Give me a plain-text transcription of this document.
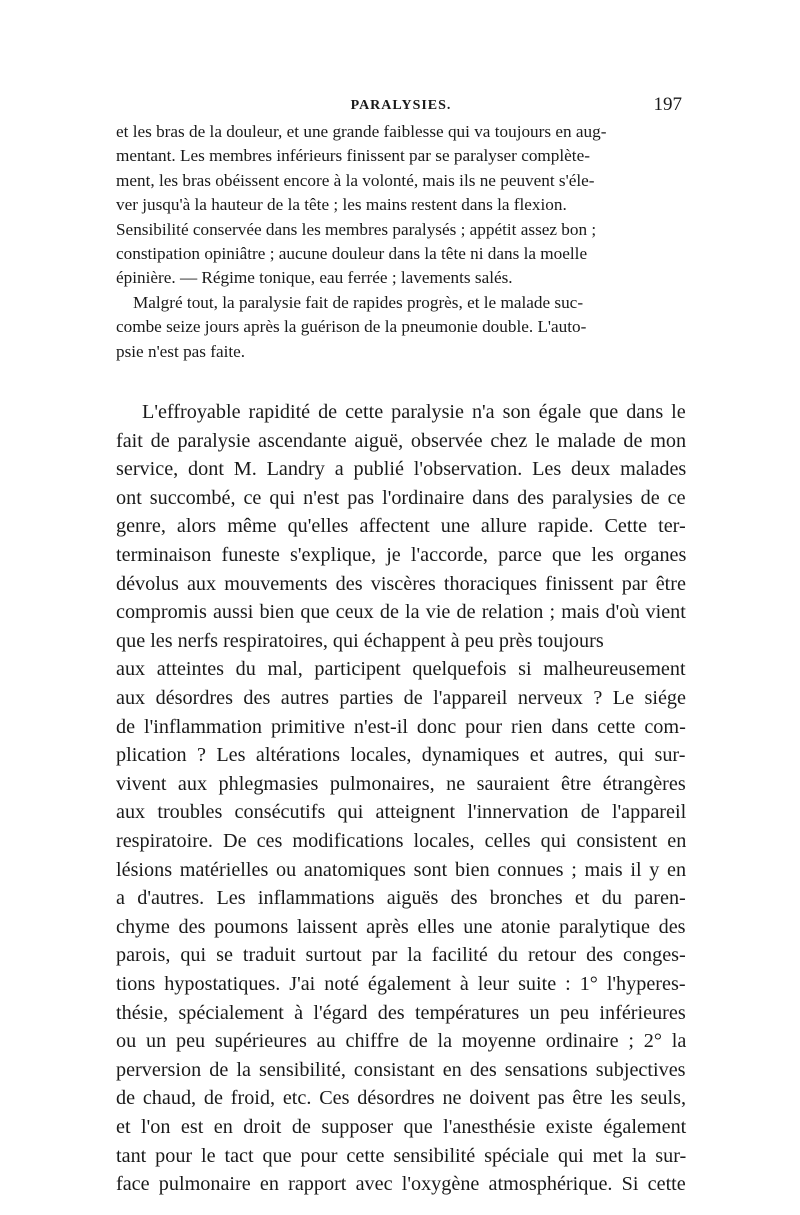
PARALYSIES.	197

et les bras de la douleur, et une grande faiblesse qui va toujours en aug-
mentant. Les membres inférieurs finissent par se paralyser complète-
ment, les bras obéissent encore à la volonté, mais ils ne peuvent s'éle-
ver jusqu'à la hauteur de la tête ; les mains restent dans la flexion.
Sensibilité conservée dans les membres paralysés ; appétit assez bon ;
constipation opiniâtre ; aucune douleur dans la tête ni dans la moelle
épinière. — Régime tonique, eau ferrée ; lavements salés.
Malgré tout, la paralysie fait de rapides progrès, et le malade suc-
combe seize jours après la guérison de la pneumonie double. L'auto-
psie n'est pas faite.

L'effroyable rapidité de cette paralysie n'a son égale que dans le
fait de paralysie ascendante aiguë, observée chez le malade de mon
service, dont M. Landry a publié l'observation. Les deux malades
ont succombé, ce qui n'est pas l'ordinaire dans des paralysies de ce
genre, alors même qu'elles affectent une allure rapide. Cette ter-
terminaison funeste s'explique, je l'accorde, parce que les organes
dévolus aux mouvements des viscères thoraciques finissent par être
compromis aussi bien que ceux de la vie de relation ; mais d'où vient
que les nerfs respiratoires, qui échappent à peu près toujours
aux atteintes du mal, participent quelquefois si malheureusement
aux désordres des autres parties de l'appareil nerveux ? Le siége
de l'inflammation primitive n'est-il donc pour rien dans cette com-
plication ? Les altérations locales, dynamiques et autres, qui sur-
vivent aux phlegmasies pulmonaires, ne sauraient être étrangères
aux troubles consécutifs qui atteignent l'innervation de l'appareil
respiratoire. De ces modifications locales, celles qui consistent en
lésions matérielles ou anatomiques sont bien connues ; mais il y en
a d'autres. Les inflammations aiguës des bronches et du paren-
chyme des poumons laissent après elles une atonie paralytique des
parois, qui se traduit surtout par la facilité du retour des conges-
tions hypostatiques. J'ai noté également à leur suite : 1° l'hyperes-
thésie, spécialement à l'égard des températures un peu inférieures
ou un peu supérieures au chiffre de la moyenne ordinaire ; 2° la
perversion de la sensibilité, consistant en des sensations subjectives
de chaud, de froid, etc. Ces désordres ne doivent pas être les seuls,
et l'on est en droit de supposer que l'anesthésie existe également
tant pour le tact que pour cette sensibilité spéciale qui met la sur-
face pulmonaire en rapport avec l'oxygène atmosphérique. Si cette
